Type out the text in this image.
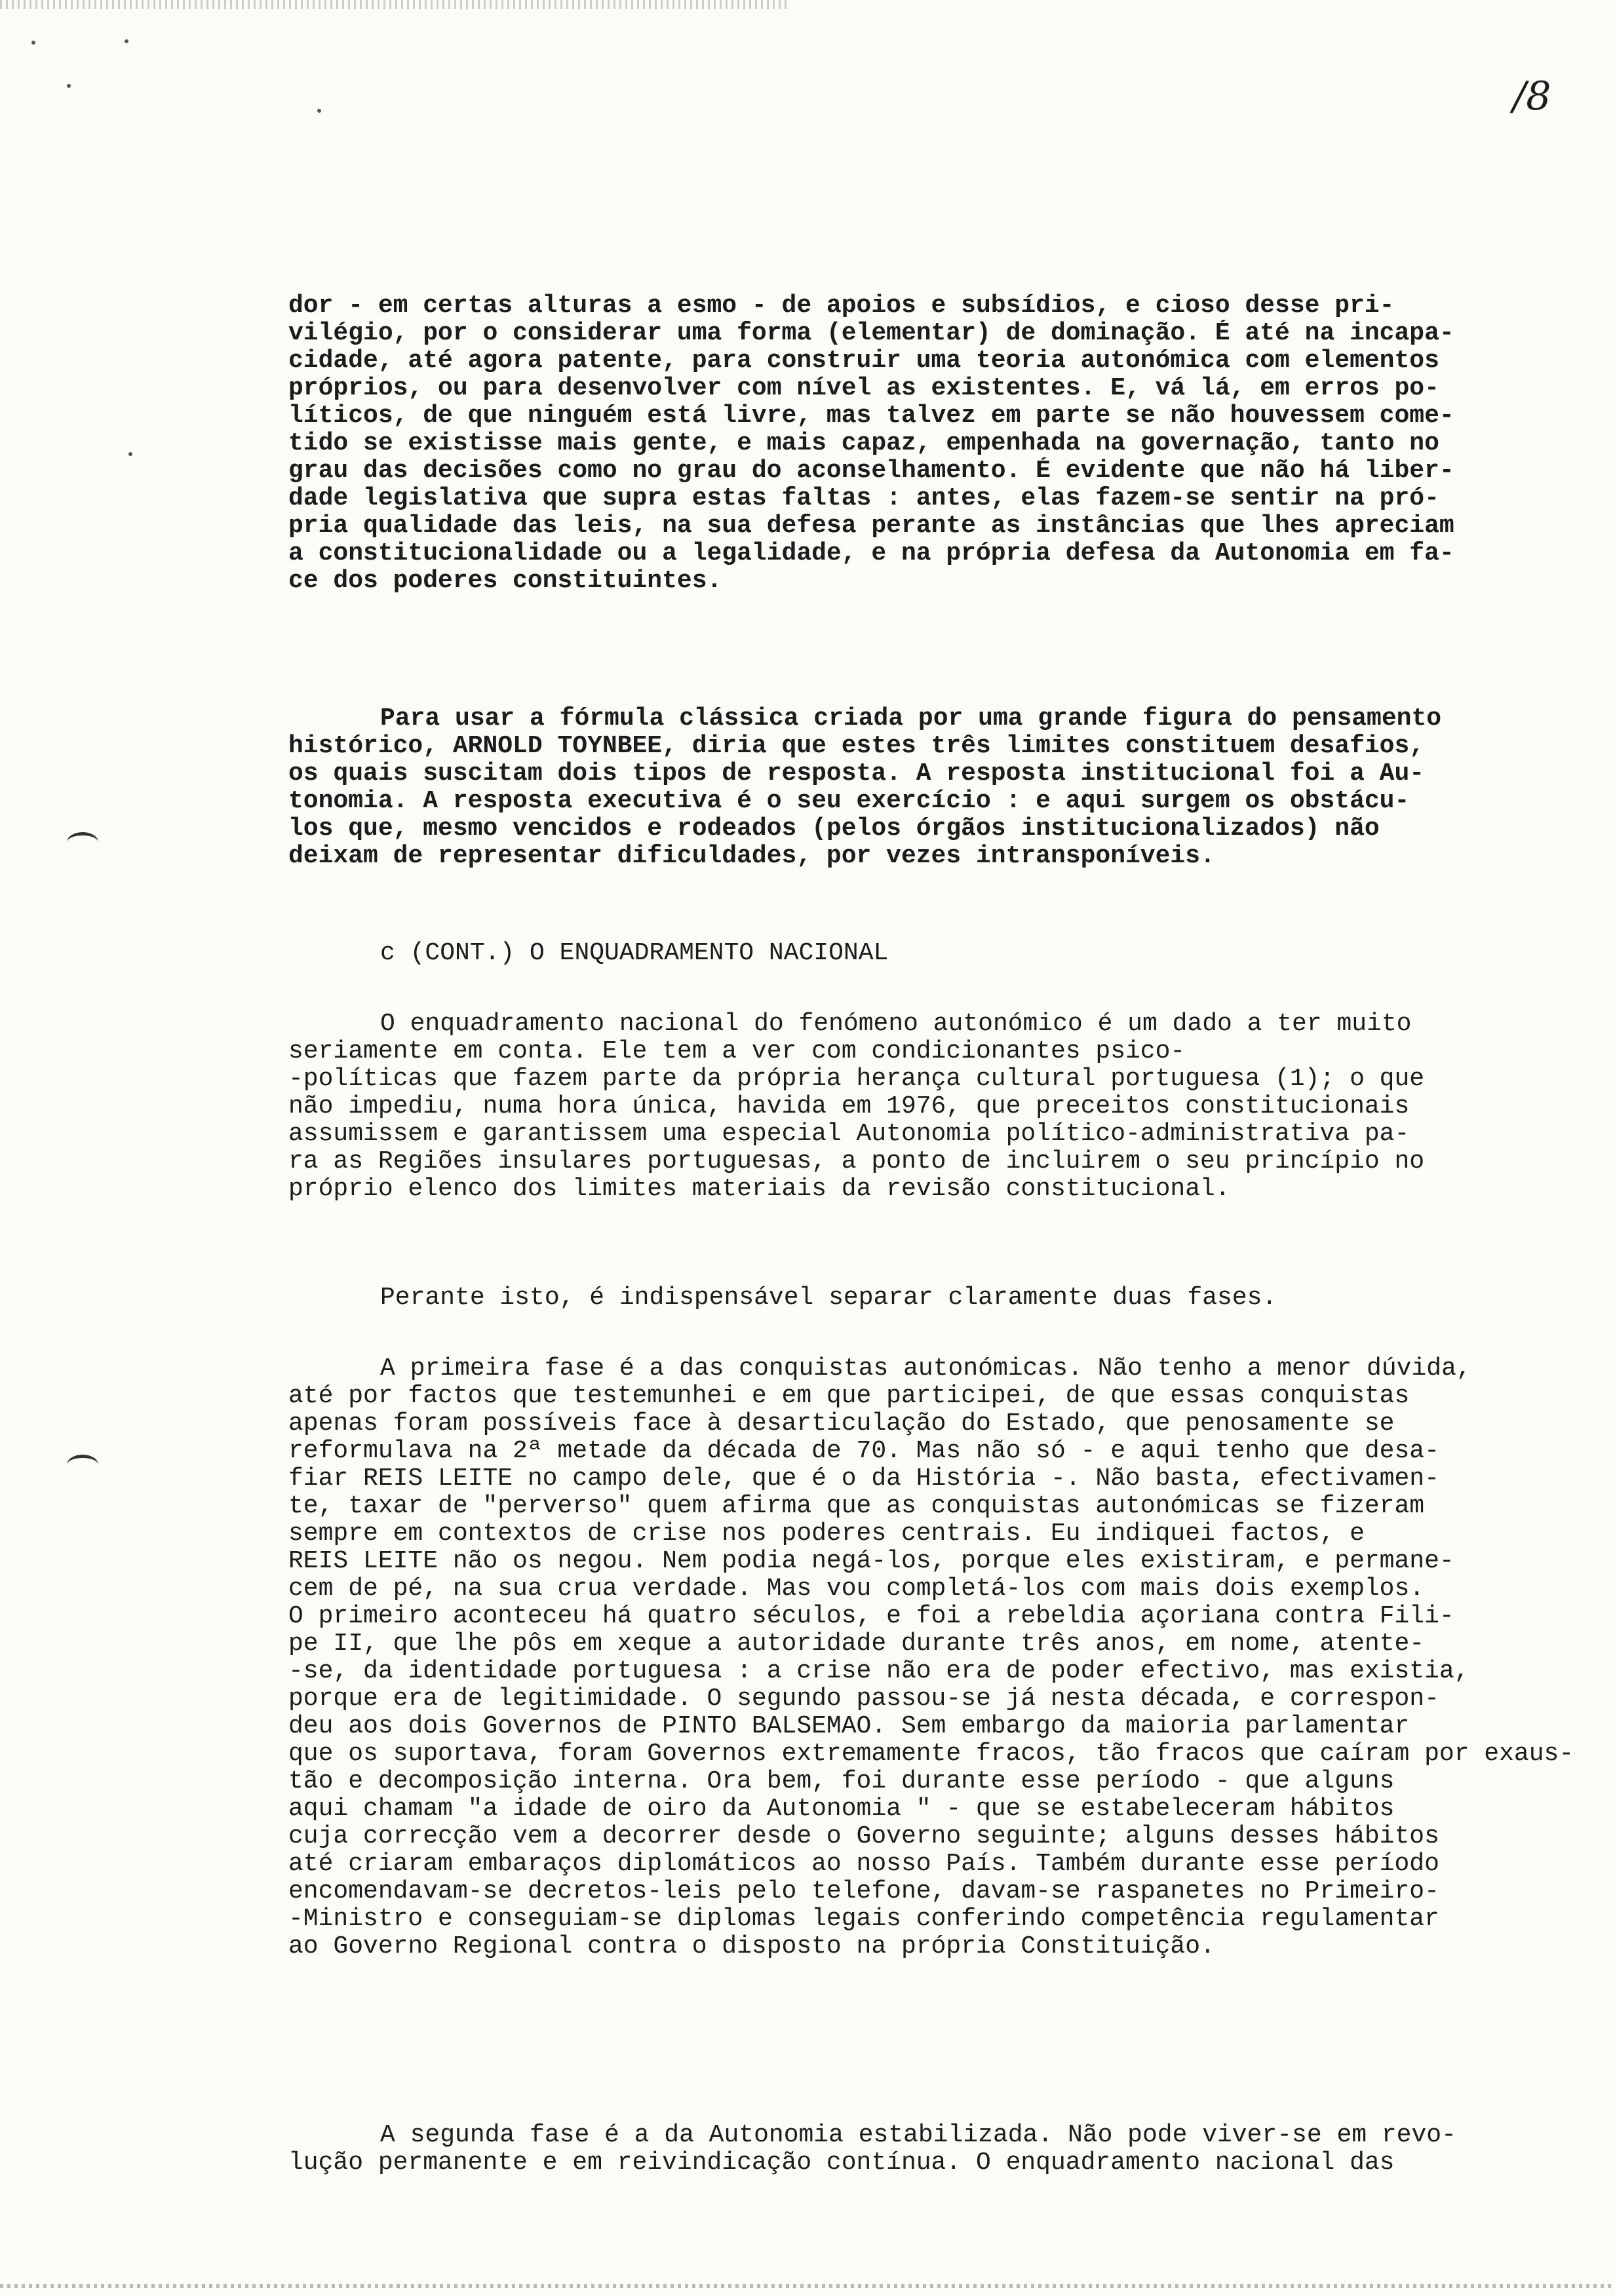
/8
dor - em certas alturas a esmo - de apoios e subsídios, e cioso desse pri-
vilégio, por o considerar uma forma (elementar) de dominação. É até na incapa-
cidade, até agora patente, para construir uma teoria autonómica com elementos
próprios, ou para desenvolver com nível as existentes. E, vá lá, em erros po-
líticos, de que ninguém está livre, mas talvez em parte se não houvessem come-
tido se existisse mais gente, e mais capaz, empenhada na governação, tanto no
grau das decisões como no grau do aconselhamento. É evidente que não há liber-
dade legislativa que supra estas faltas : antes, elas fazem-se sentir na pró-
pria qualidade das leis, na sua defesa perante as instâncias que lhes apreciam
a constitucionalidade ou a legalidade, e na própria defesa da Autonomia em fa-
ce dos poderes constituintes.
Para usar a fórmula clássica criada por uma grande figura do pensamento
histórico, ARNOLD TOYNBEE, diria que estes três limites constituem desafios,
os quais suscitam dois tipos de resposta. A resposta institucional foi a Au-
tonomia. A resposta executiva é o seu exercício : e aqui surgem os obstácu-
los que, mesmo vencidos e rodeados (pelos órgãos institucionalizados) não
deixam de representar dificuldades, por vezes intransponíveis.
c (CONT.) O ENQUADRAMENTO NACIONAL
O enquadramento nacional do fenómeno autonómico é um dado a ter muito
seriamente em conta. Ele tem a ver com condicionantes psico-
-políticas que fazem parte da própria herança cultural portuguesa (1); o que
não impediu, numa hora única, havida em 1976, que preceitos constitucionais
assumissem e garantissem uma especial Autonomia político-administrativa pa-
ra as Regiões insulares portuguesas, a ponto de incluirem o seu princípio no
próprio elenco dos limites materiais da revisão constitucional.
Perante isto, é indispensável separar claramente duas fases.
A primeira fase é a das conquistas autonómicas. Não tenho a menor dúvida,
até por factos que testemunhei e em que participei, de que essas conquistas
apenas foram possíveis face à desarticulação do Estado, que penosamente se
reformulava na 2ª metade da década de 70. Mas não só - e aqui tenho que desa-
fiar REIS LEITE no campo dele, que é o da História -. Não basta, efectivamen-
te, taxar de "perverso" quem afirma que as conquistas autonómicas se fizeram
sempre em contextos de crise nos poderes centrais. Eu indiquei factos, e
REIS LEITE não os negou. Nem podia negá-los, porque eles existiram, e permane-
cem de pé, na sua crua verdade. Mas vou completá-los com mais dois exemplos.
O primeiro aconteceu há quatro séculos, e foi a rebeldia açoriana contra Fili-
pe II, que lhe pôs em xeque a autoridade durante três anos, em nome, atente-
-se, da identidade portuguesa : a crise não era de poder efectivo, mas existia,
porque era de legitimidade. O segundo passou-se já nesta década, e correspon-
deu aos dois Governos de PINTO BALSEMAO. Sem embargo da maioria parlamentar
que os suportava, foram Governos extremamente fracos, tão fracos que caíram por exaus-
tão e decomposição interna. Ora bem, foi durante esse período - que alguns
aqui chamam "a idade de oiro da Autonomia " - que se estabeleceram hábitos
cuja correcção vem a decorrer desde o Governo seguinte; alguns desses hábitos
até criaram embaraços diplomáticos ao nosso País. Também durante esse período
encomendavam-se decretos-leis pelo telefone, davam-se raspanetes no Primeiro-
-Ministro e conseguiam-se diplomas legais conferindo competência regulamentar
ao Governo Regional contra o disposto na própria Constituição.
A segunda fase é a da Autonomia estabilizada. Não pode viver-se em revo-
lução permanente e em reivindicação contínua. O enquadramento nacional das
